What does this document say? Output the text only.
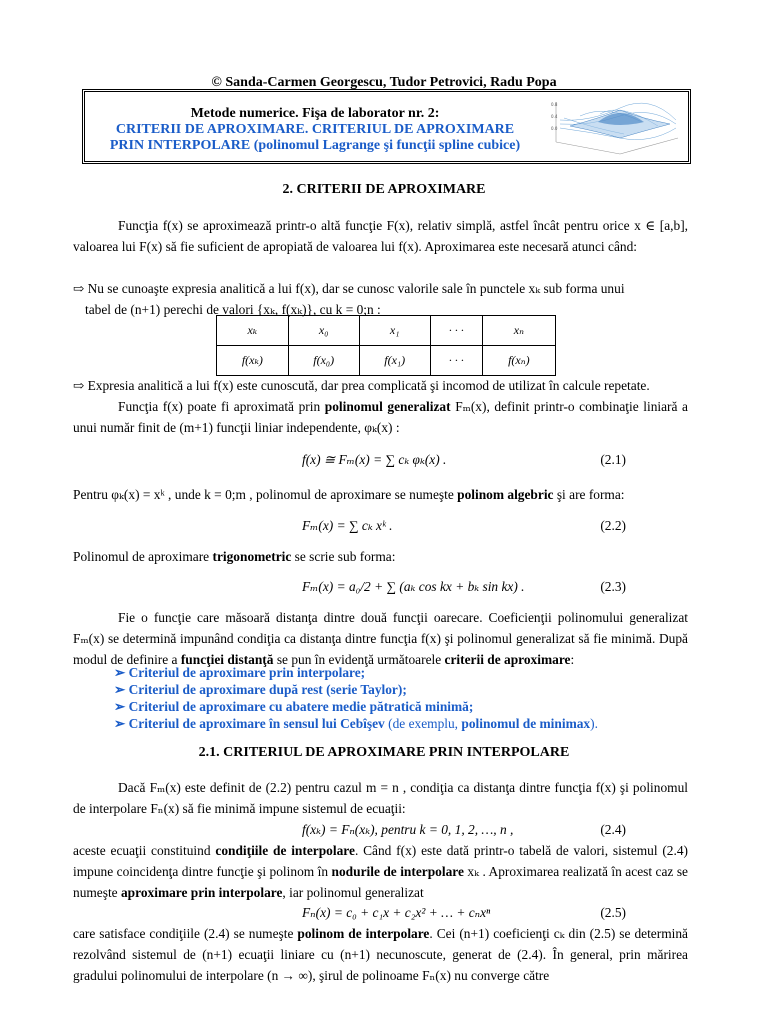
© Sanda-Carmen Georgescu, Tudor Petrovici, Radu Popa
Metode numerice. Fişa de laborator nr. 2:
CRITERII DE APROXIMARE. CRITERIUL DE APROXIMARE
PRIN INTERPOLARE (polinomul Lagrange şi funcţii spline cubice)
0.8
0.4
0.0
2. CRITERII DE APROXIMARE
Funcţia f(x) se aproximează printr-o altă funcţie F(x), relativ simplă, astfel încât pentru orice x ∈ [a,b], valoarea lui F(x) să fie suficient de apropiată de valoarea lui f(x). Aproximarea este necesară atunci când:
⇨ Nu se cunoaşte expresia analitică a lui f(x), dar se cunosc valorile sale în punctele xₖ sub forma unui
tabel de (n+1) perechi de valori {xₖ, f(xₖ)}, cu k = 0;n :
xₖ	x₀	x₁	· · ·	xₙ
f(xₖ)	f(x₀)	f(x₁)	· · ·	f(xₙ)
⇨ Expresia analitică a lui f(x) este cunoscută, dar prea complicată şi incomod de utilizat în calcule repetate.
Funcţia f(x) poate fi aproximată prin polinomul generalizat Fₘ(x), definit printr-o combinaţie liniară a unui număr finit de (m+1) funcţii liniar independente, φₖ(x) :
f(x) ≅ Fₘ(x) = ∑ cₖ φₖ(x) .	(2.1)
Pentru φₖ(x) = xᵏ , unde k = 0;m , polinomul de aproximare se numeşte polinom algebric şi are forma:
Fₘ(x) = ∑ cₖ xᵏ .	(2.2)
Polinomul de aproximare trigonometric se scrie sub forma:
Fₘ(x) = a₀/2 + ∑ (aₖ cos kx + bₖ sin kx) .	(2.3)
Fie o funcţie care măsoară distanţa dintre două funcţii oarecare. Coeficienţii polinomului generalizat Fₘ(x) se determină impunând condiţia ca distanţa dintre funcţia f(x) şi polinomul generalizat să fie minimă. După modul de definire a funcţiei distanţă se pun în evidenţă următoarele criterii de aproximare:
➢ Criteriul de aproximare prin interpolare;
➢ Criteriul de aproximare după rest (serie Taylor);
➢ Criteriul de aproximare cu abatere medie pătratică minimă;
➢ Criteriul de aproximare în sensul lui Cebîşev (de exemplu, polinomul de minimax).
2.1. CRITERIUL DE APROXIMARE PRIN INTERPOLARE
Dacă Fₘ(x) este definit de (2.2) pentru cazul m = n , condiţia ca distanţa dintre funcţia f(x) şi polinomul de interpolare Fₙ(x) să fie minimă impune sistemul de ecuaţii:
f(xₖ) = Fₙ(xₖ), pentru k = 0, 1, 2, …, n ,	(2.4)
aceste ecuaţii constituind condiţiile de interpolare. Când f(x) este dată printr-o tabelă de valori, sistemul (2.4) impune coincidenţa dintre funcţie şi polinom în nodurile de interpolare xₖ . Aproximarea realizată în acest caz se numeşte aproximare prin interpolare, iar polinomul generalizat
Fₙ(x) = c₀ + c₁x + c₂x² + … + cₙxⁿ	(2.5)
care satisface condiţiile (2.4) se numeşte polinom de interpolare. Cei (n+1) coeficienţi cₖ din (2.5) se determină rezolvând sistemul de (n+1) ecuaţii liniare cu (n+1) necunoscute, generat de (2.4). În general, prin mărirea gradului polinomului de interpolare (n → ∞), şirul de polinoame Fₙ(x) nu converge către
